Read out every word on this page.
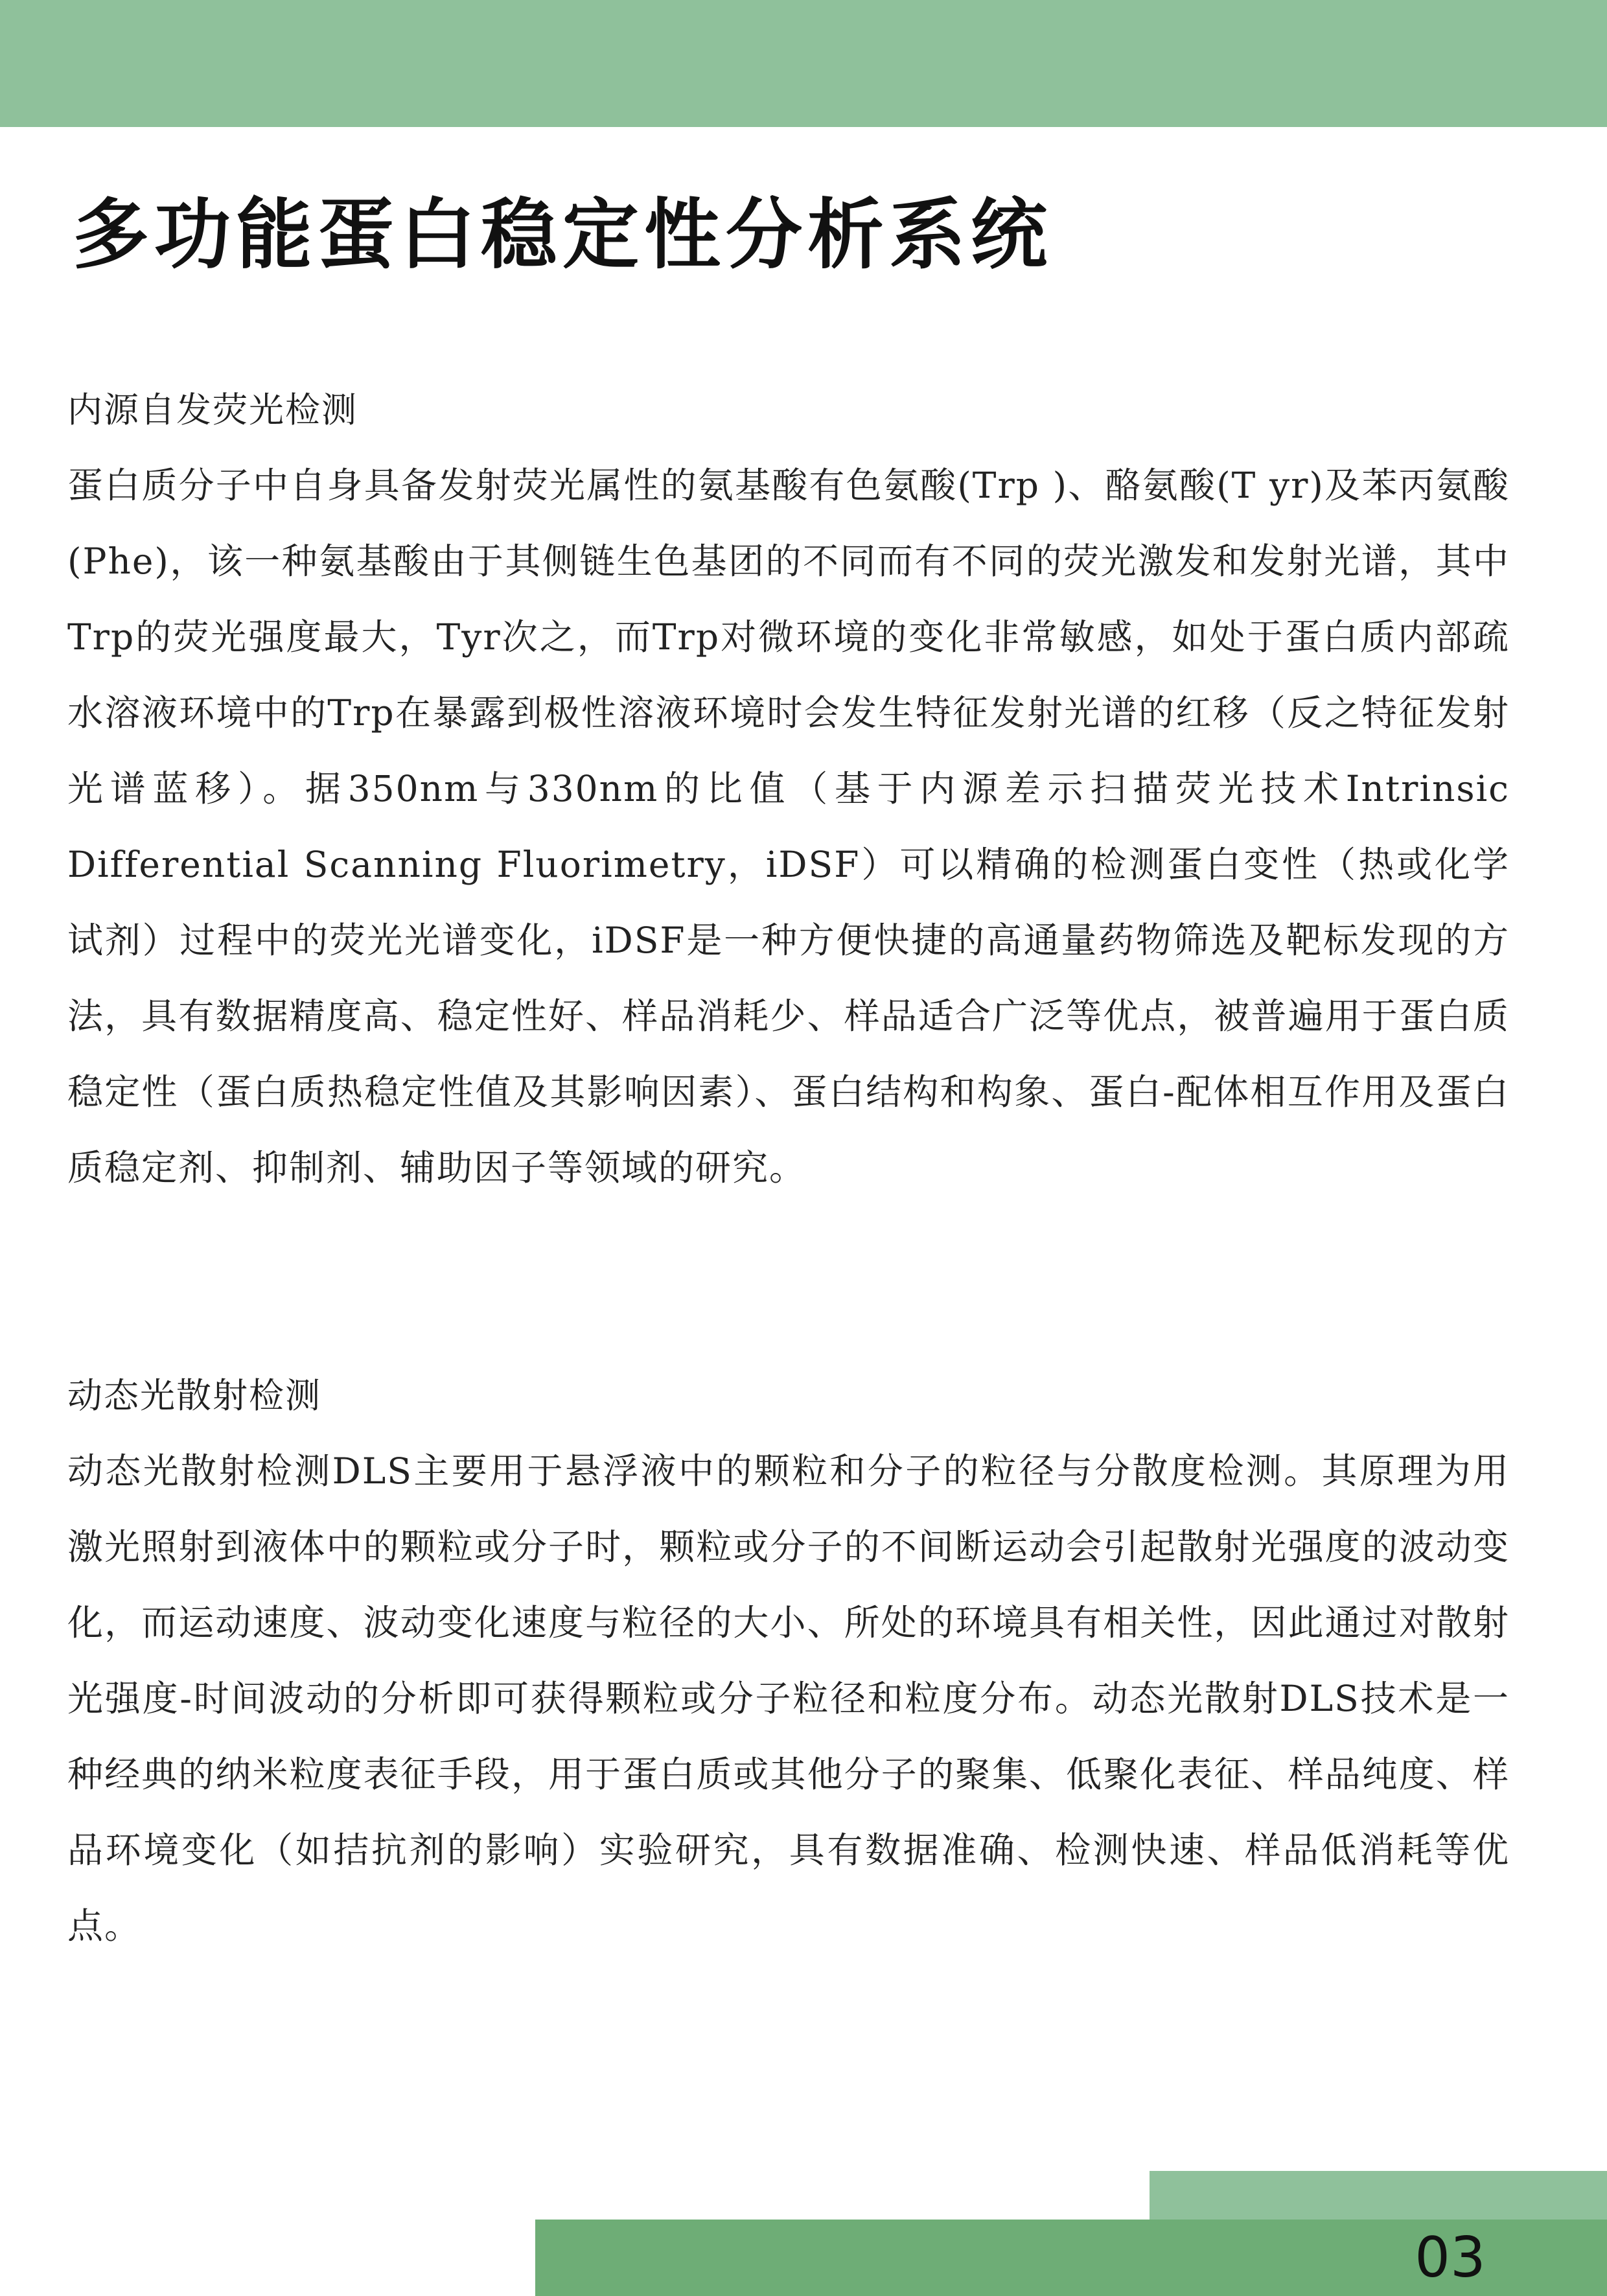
多功能蛋白稳定性分析系统
内源自发荧光检测

蛋白质分子中自身具备发射荧光属性的氨基酸有色氨酸(Trp )、酪氨酸(T yr)及苯丙氨酸(Phe)，该一种氨基酸由于其侧链生色基团的不同而有不同的荧光激发和发射光谱，其中Trp的荧光强度最大，Tyr次之，而Trp对微环境的变化非常敏感，如处于蛋白质内部疏水溶液环境中的Trp在暴露到极性溶液环境时会发生特征发射光谱的红移（反之特征发射光谱蓝移）。据350nm与330nm的比值（基于内源差示扫描荧光技术Intrinsic Differential Scanning Fluorimetry，iDSF）可以精确的检测蛋白变性（热或化学试剂）过程中的荧光光谱变化，iDSF是一种方便快捷的高通量药物筛选及靶标发现的方法，具有数据精度高、稳定性好、样品消耗少、样品适合广泛等优点，被普遍用于蛋白质稳定性（蛋白质热稳定性值及其影响因素）、蛋白结构和构象、蛋白-配体相互作用及蛋白质稳定剂、抑制剂、辅助因子等领域的研究。

动态光散射检测

动态光散射检测DLS主要用于悬浮液中的颗粒和分子的粒径与分散度检测。其原理为用激光照射到液体中的颗粒或分子时，颗粒或分子的不间断运动会引起散射光强度的波动变化，而运动速度、波动变化速度与粒径的大小、所处的环境具有相关性，因此通过对散射光强度-时间波动的分析即可获得颗粒或分子粒径和粒度分布。动态光散射DLS技术是一种经典的纳米粒度表征手段，用于蛋白质或其他分子的聚集、低聚化表征、样品纯度、样品环境变化（如拮抗剂的影响）实验研究，具有数据准确、检测快速、样品低消耗等优点。

03
